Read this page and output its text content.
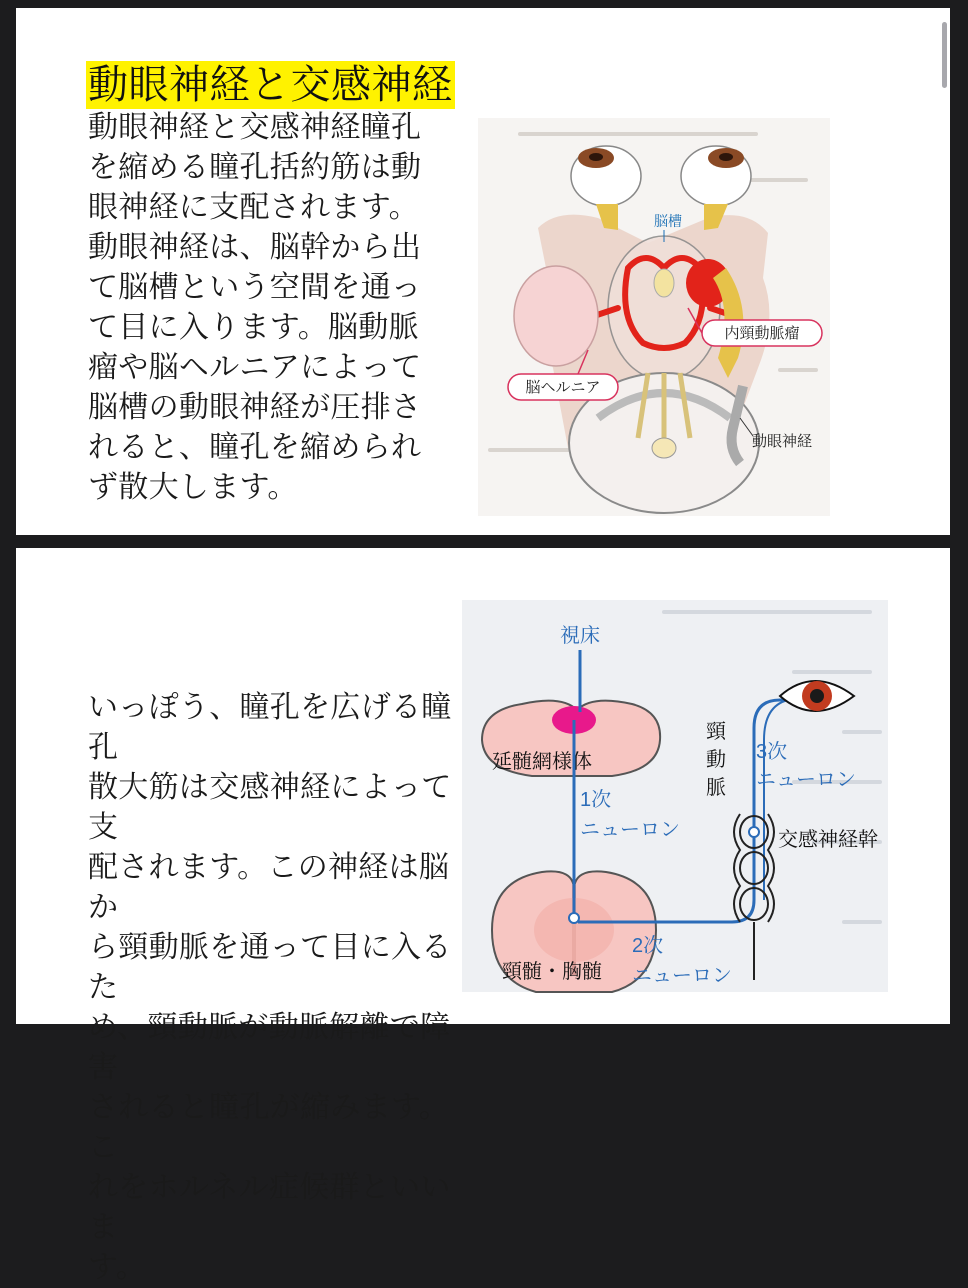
動眼神経と交感神経

動眼神経と交感神経瞳孔
を縮める瞳孔括約筋は動
眼神経に支配されます。
動眼神経は、脳幹から出
て脳槽という空間を通っ
て目に入ります。脳動脈
瘤や脳ヘルニアによって
脳槽の動眼神経が圧排さ
れると、瞳孔を縮められ
ず散大します。

脳槽
内頸動脈瘤
脳ヘルニア
動眼神経

いっぽう、瞳孔を広げる瞳孔
散大筋は交感神経によって支
配されます。この神経は脳か
ら頸動脈を通って目に入るた
め、頸動脈が動脈解離で障害
されると瞳孔が縮みます。こ
れをホルネル症候群といいま
す。

延髄網様体
頸髄・胸髄
視床
1次
ニューロン
2次
ニューロン
頸
動
脈
3次
ニューロン
交感神経幹
